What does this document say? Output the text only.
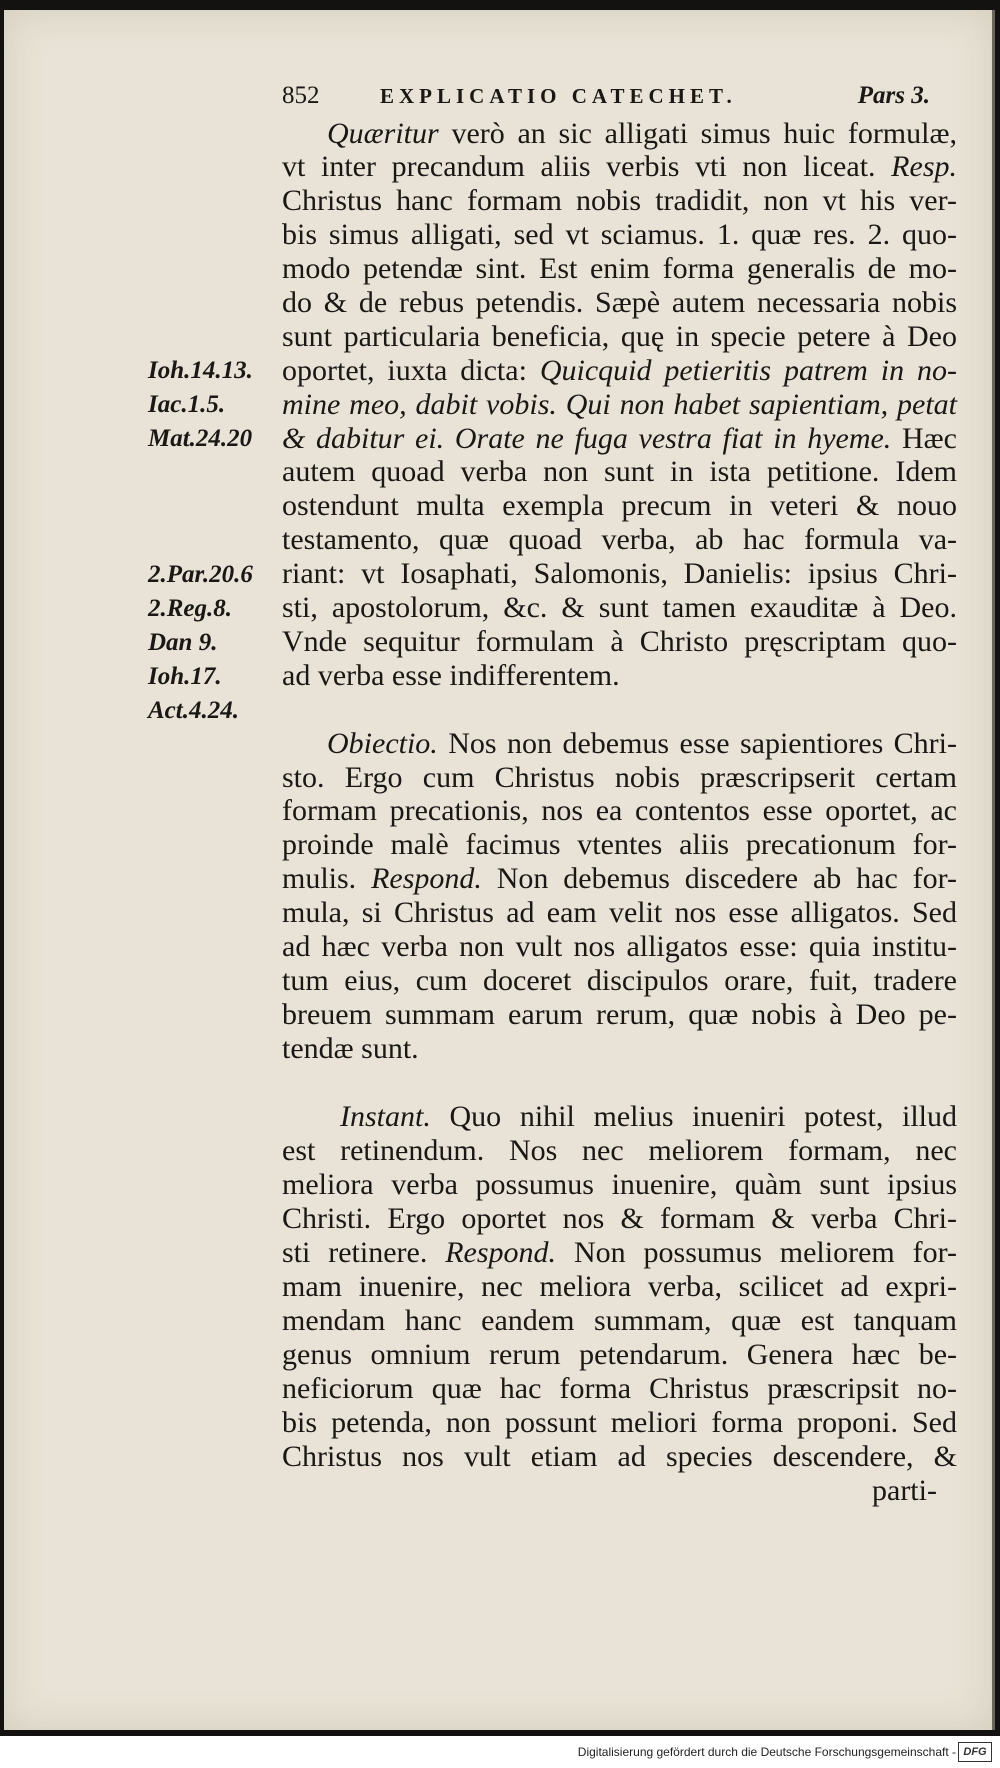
852	EXPLICATIO CATECHET.	Pars 3.
Quæritur verò an sic alligati simus huic formulæ,
vt inter precandum aliis verbis vti non liceat. Resp.
Christus hanc formam nobis tradidit, non vt his ver-
bis simus alligati, sed vt sciamus. 1. quæ res. 2. quo-
modo petendæ sint. Est enim forma generalis de mo-
do & de rebus petendis. Sæpè autem necessaria nobis
sunt particularia beneficia, quę in specie petere à Deo
oportet, iuxta dicta: Quicquid petieritis patrem in no-
mine meo, dabit vobis. Qui non habet sapientiam, petat
& dabitur ei. Orate ne fuga vestra fiat in hyeme. Hæc
autem quoad verba non sunt in ista petitione. Idem
ostendunt multa exempla precum in veteri & nouo
testamento, quæ quoad verba, ab hac formula va-
riant: vt Iosaphati, Salomonis, Danielis: ipsius Chri-
sti, apostolorum, &c. & sunt tamen exauditæ à Deo.
Vnde sequitur formulam à Christo pręscriptam quo-
ad verba esse indifferentem.
Obiectio. Nos non debemus esse sapientiores Chri-
sto. Ergo cum Christus nobis præscripserit certam
formam precationis, nos ea contentos esse oportet, ac
proinde malè facimus vtentes aliis precationum for-
mulis. Respond. Non debemus discedere ab hac for-
mula, si Christus ad eam velit nos esse alligatos. Sed
ad hæc verba non vult nos alligatos esse: quia institu-
tum eius, cum doceret discipulos orare, fuit, tradere
breuem summam earum rerum, quæ nobis à Deo pe-
tendæ sunt.
Instant. Quo nihil melius inueniri potest, illud
est retinendum. Nos nec meliorem formam, nec
meliora verba possumus inuenire, quàm sunt ipsius
Christi. Ergo oportet nos & formam & verba Chri-
sti retinere. Respond. Non possumus meliorem for-
mam inuenire, nec meliora verba, scilicet ad expri-
mendam hanc eandem summam, quæ est tanquam
genus omnium rerum petendarum. Genera hæc be-
neficiorum quæ hac forma Christus præscripsit no-
bis petenda, non possunt meliori forma proponi. Sed
Christus nos vult etiam ad species descendere, &
parti-
Ioh.14.13.
Iac.1.5.
Mat.24.20
2.Par.20.6
2.Reg.8.
Dan 9.
Ioh.17.
Act.4.24.
Digitalisierung gefördert durch die Deutsche Forschungsgemeinschaft - DFG
